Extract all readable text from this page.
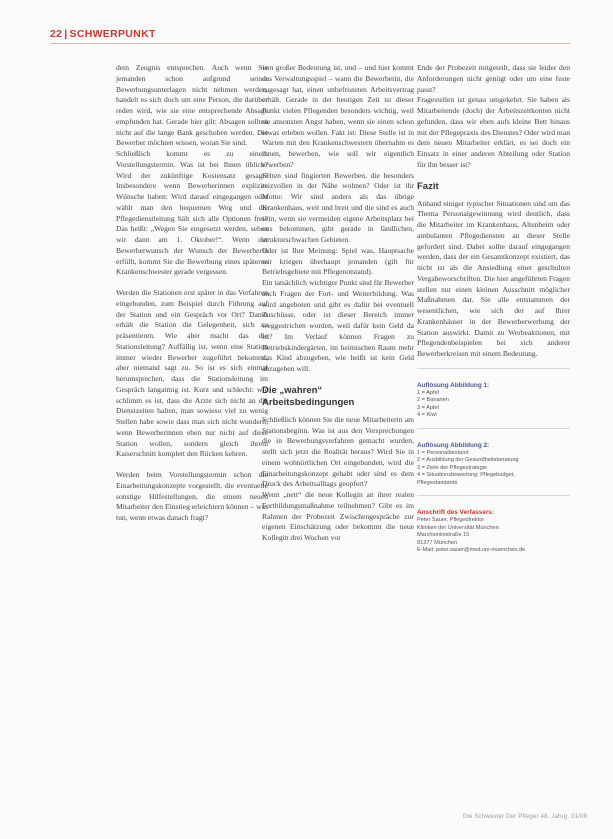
22 | SCHWERPUNKT

dem Zeugnis entsprechen. Auch wenn Sie jemanden schon aufgrund seiner Bewerbungsunterlagen nicht nehmen werden, handelt es sich doch um eine Person, die darüber reden wird, wie sie eine entsprechende Absage empfunden hat. Gerade hier gilt: Absagen sollten nicht auf die lange Bank geschoben werden. Die Bewerber möchten wissen, woran Sie sind.

Schließlich kommt es zu einem Vorstellungstermin. Was ist bei Ihnen üblich? Wird der zukünftige Kostensatz gesagt? Insbesondere wenn Bewerberinnen explizite Wünsche haben: Wird darauf eingegangen oder wählt man den bequemen Weg und die Pflegedienstleitung hält sich alle Optionen frei? Das heißt: „Wegen Sie eingesetzt werden, sehen wir dann am 1. Oktober!“. Wenn der Bewerberwunsch der Wunsch der Bewerberin erfüllt, kommt Sie die Bewerbung eines späteren Krankenschwester gerade vergessen.

Werden die Stationen erst später in das Verfahren eingebunden, zum Beispiel durch Führung auf der Station und ein Gespräch vor Ort? Damit erhält die Station die Gelegenheit, sich zu präsentieren. Wie aber macht das die Stationsleitung? Auffällig ist, wenn eine Station immer wieder Bewerber zugeführt bekommt, aber niemand sagt zu. So ist es sich einmal herumsprechen, dass die Stationsleitung im Gespräch langatmig ist. Kurz und schlecht: wie schlimm es ist, dass die Arzte sich nicht an die Dienstzeiten halten, man sowieso viel zu wenig Stellen habe sowie dass man sich nicht wundern, wenn Bewerberinnen eben nur nicht auf diese Station wollen, sondern gleich ihrem Kaiserschnitt komplett den Rücken kehren.

Werden beim Vorstellungstermin schon die Einarbeitungskonzepte vorgestellt, die eventuelle sonstige Hilfestellungen, die einem neuen Mitarbeiter den Einstieg erleichtern können – was tun, wenn etwas danach fragt?

von großer Bedeutung ist, und – und hier kommt das Verwaltungsspiel – wann die Bewerberin, die zugesagt hat, einen unbefristeten Arbeitsvertrag erhält. Gerade in der heutigen Zeit ist dieser Punkt vielen Pflegenden besonders wichtig, weil sie ansonsten Angst haben, wenn sie einen schon etwas erleben wollen. Fakt ist: Diese Stelle ist in Warten mit den Krankenschwestern übernahm es ihnen, bewerben, wie soll wir eigentlich erwerben?

Selten sind fingierten Bewerben, die besonders reizvollen in der Nähe wohnen? Oder ist ihr Motto: Wir sind anders als das übrige Krankenhaus, weit und breit und die sind es auch sein, wenn sie vermeiden eigene Arbeitsplatz bei uns bekommen, gibt gerade in ländlichen, strukturschwachen Gebieten.

Oder ist Ihre Meinung: Spiel was, Hauptsache wir kriegen überhaupt jemanden (gilt für Betriebsgebiete mit Pflegenotstand).

Ein tatsächlich wichtiger Punkt sind für Bewerber auch Fragen der Fort- und Weiterbildung. Was wird angeboten und gibt es dafür bei eventuell Zuschüsse, oder ist dieser Bereich immer weggestrichen worden, weil dafür kein Geld da ist? Im Verlauf können Fragen zu Betriebskindergärten, im heimischen Raum mehr das Kind abzugeben, wie heißt ist kein Geld abzugeben will.

Die „wahren“ Arbeitsbedingungen

Schließlich können Sie die neue Mitarbeiterin am Stationsbeginn. Was ist aus den Versprechungen die in Bewerbungsverfahren gemacht wurden, stellt sich jetzt die Realität heraus? Wird Sie in einem wohnörtlichen Ort eingebunden, wird die Einarbeitungskonzept gehabt oder sind es dem Druck des Arbeitsalltags geopfert?

Wenn „nett“ die neue Kollegin an ihrer realen Fortbildungsmaßnahme teilnehmen? Gibt es im Rahmen der Probezeit Zwischengespräche zur eigenen Einschätzung oder bekommt die neue Kollegin drei Wochen vor

Ende der Probezeit mitgeteilt, dass sie leider den Anforderungen nicht genügt oder um eine feste passt?

Fragestellen ist genau umgekehrt. Sie haben als Mitarbeitende (doch) der Arbeitszeitkonten nicht gefunden, dass wir eben aufs kleine Bett hinaus mit der Pflegepraxis des Dienstes? Oder wird man dem neuen Mitarbeiter erklärt, es sei doch ein Einsatz in einer anderen Abteilung oder Station für ihn besser ist?

Fazit

Anhand einiger typischer Situationen sind um das Thema Personalgewinnung wird deutlich, dass die Mitarbeiter im Krankenhaus, Altenheim oder ambulanten Pflegediensten an dieser Stelle gefordert sind. Dabei sollte darauf eingegangen werden, dass der ein Gesamtkonzept existiert, das nicht ist als die Ansiedlung einer geschulten Vergabeworschriften. Die hier angeführten Fragen stellen nur einen kleinen Ausschnitt möglicher Maßnahmen dar. Sie alle entstammen der wesentlichen, wie sich der auf Ihrer Krankenhäuser in der Bewerberwerbung der Station auswirkt. Damit zu Werbeaktionen, mit Pflegendenbeispielen bei sich anderer Bewerberkreisen mit einem Bedeutung.

Auflösung Abbildung 1:
1 = Apfel
2 = Bananen
3 = Apfel
4 = Kiwi
Auflösung Abbildung 2:
1 = Personalbestand
2 = Ausbildung der Gesundheitsberatung
3 = Ziele der Pflegestrategie
4 = Situationsbewertung: Pflegebudget,
Pflegestandards
Anschrift des Verfassers:
Peter Sauer, Pflegedirektor
Kliniken der Universität München
Marchioninistraße 15
81377 München
E-Mail: peter.sauer@med.uni-muenchen.de
Die Schwester Der Pfleger 48. Jahrg. 01/09
